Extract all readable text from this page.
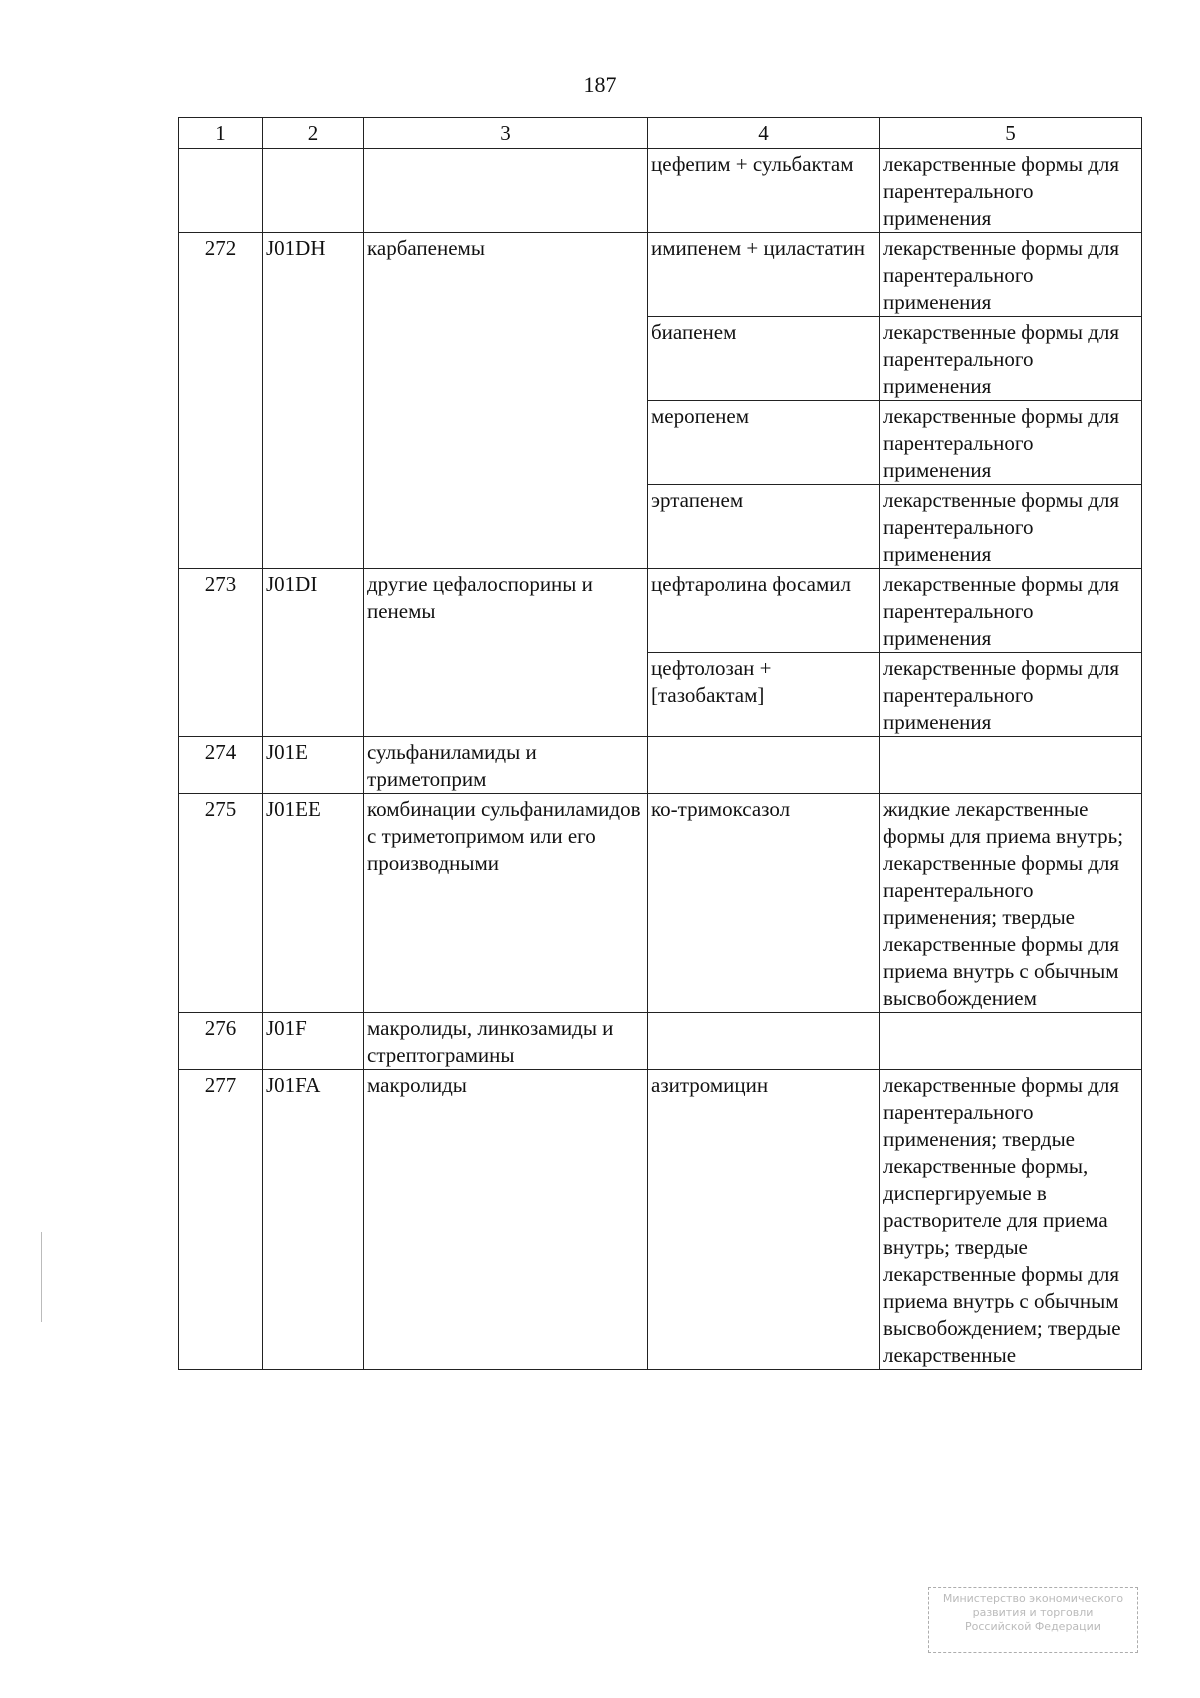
187
1	2	3	4	5
			цефепим + сульбактам	лекарственные формы для парентерального применения
272	J01DH	карбапенемы	имипенем + циластатин	лекарственные формы для парентерального применения
			биапенем	лекарственные формы для парентерального применения
			меропенем	лекарственные формы для парентерального применения
			эртапенем	лекарственные формы для парентерального применения
273	J01DI	другие цефалоспорины и пенемы	цефтаролина фосамил	лекарственные формы для парентерального применения
			цефтолозан + [тазобактам]	лекарственные формы для парентерального применения
274	J01E	сульфаниламиды и триметоприм		
275	J01EE	комбинации сульфаниламидов с триметопримом или его производными	ко-тримоксазол	жидкие лекарственные формы для приема внутрь; лекарственные формы для парентерального применения; твердые лекарственные формы для приема внутрь с обычным высвобождением
276	J01F	макролиды, линкозамиды и стрептограмины		
277	J01FA	макролиды	азитромицин	лекарственные формы для парентерального применения; твердые лекарственные формы, диспергируемые в растворителе для приема внутрь; твердые лекарственные формы для приема внутрь с обычным высвобождением; твердые лекарственные
Министерство экономического
развития и торговли
Российской Федерации
